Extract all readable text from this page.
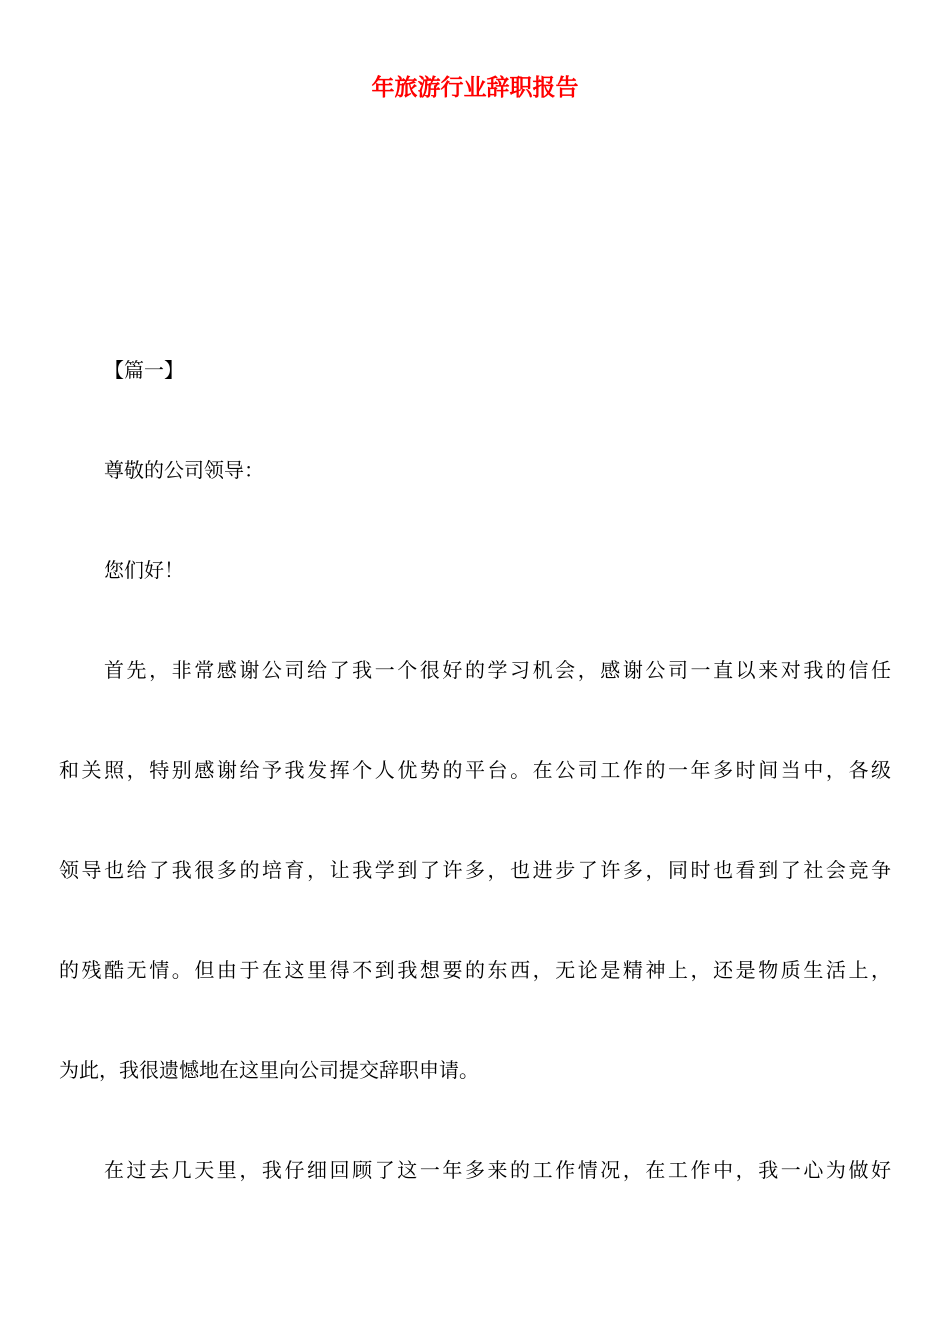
年旅游行业辞职报告

【篇一】

尊敬的公司领导：

您们好！

首先，非常感谢公司给了我一个很好的学习机会，感谢公司一直以来对我的信任

和关照，特别感谢给予我发挥个人优势的平台。在公司工作的一年多时间当中，各级

领导也给了我很多的培育，让我学到了许多，也进步了许多，同时也看到了社会竞争

的残酷无情。但由于在这里得不到我想要的东西，无论是精神上，还是物质生活上，

为此，我很遗憾地在这里向公司提交辞职申请。

在过去几天里，我仔细回顾了这一年多来的工作情况，在工作中，我一心为做好
